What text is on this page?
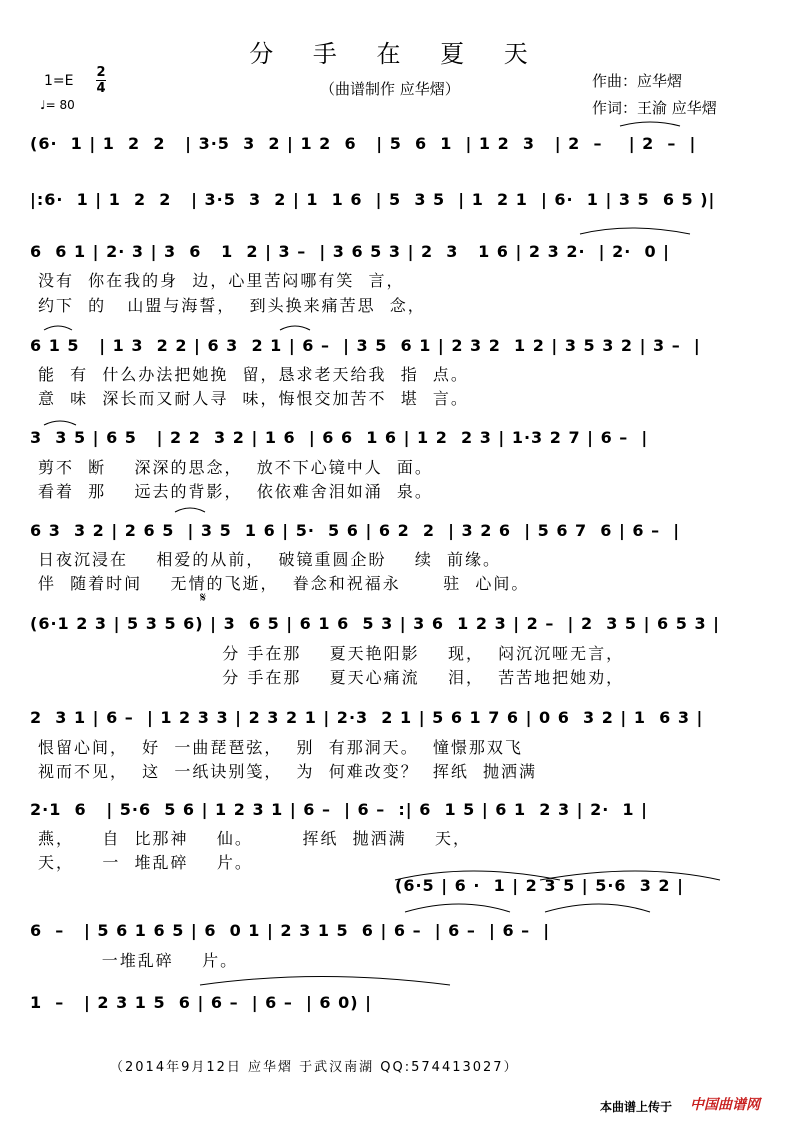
分 手 在 夏 天
（曲谱制作 应华熠）
1=E
2
4
♩= 80
作曲：应华熠
作词：王渝 应华熠
𝄋
(6·  1 | 1  2  2   | 3·5  3  2 | 1 2  6   | 5  6  1  | 1 2  3   | 2  –    | 2  –  |
|:6·  1 | 1  2  2   | 3·5  3  2 | 1  1 6  | 5  3 5  | 1  2 1  | 6·  1 | 3 5  6 5 )|
6  6 1 | 2· 3 | 3  6   1  2 | 3 –  | 3 6 5 3 | 2  3   1 6 | 2 3 2·  | 2·  0 |
没有  你在我的身  边，心里苦闷哪有笑  言，
约下  的   山盟与海誓，  到头换来痛苦思  念，
6 1 5   | 1 3  2 2 | 6 3  2 1 | 6 –  | 3 5  6 1 | 2 3 2  1 2 | 3 5 3 2 | 3 –  |
能  有  什么办法把她挽  留，恳求老天给我  指  点。
意  味  深长而又耐人寻  味，悔恨交加苦不  堪  言。
3  3 5 | 6 5   | 2 2  3 2 | 1 6  | 6 6  1 6 | 1 2  2 3 | 1·3 2 7 | 6 –  |
剪不  断    深深的思念，  放不下心镜中人  面。
看着  那    远去的背影，  依依难舍泪如涌  泉。
6 3  3 2 | 2 6 5  | 3 5  1 6 | 5·  5 6 | 6 2  2  | 3 2 6  | 5 6 7  6 | 6 –  |
日夜沉浸在    相爱的从前，  破镜重圆企盼    续  前缘。
伴  随着时间    无情的飞逝，  眷念和祝福永      驻  心间。
(6·1 2 3 | 5 3 5 6) | 3  6 5 | 6 1 6  5 3 | 3 6  1 2 3 | 2 –  | 2  3 5 | 6 5 3 |
分 手在那    夏天艳阳影    现，  闷沉沉哑无言，
分 手在那    夏天心痛流    泪，  苦苦地把她劝，
2  3 1 | 6 –  | 1 2 3 3 | 2 3 2 1 | 2·3  2 1 | 5 6 1 7 6 | 0 6  3 2 | 1  6 3 |
恨留心间，  好  一曲琵琶弦，  别  有那洞天。  憧憬那双飞
视而不见，  这  一纸诀别笺，  为  何难改变？  挥纸  抛洒满
2·1  6   | 5·6  5 6 | 1 2 3 1 | 6 –  | 6 –  :| 6  1 5 | 6 1  2 3 | 2·  1 |
燕，    自  比那神    仙。       挥纸  抛洒满    天，
天，    一  堆乱碎    片。
(6·5 | 6 ·  1 | 2 3 5 | 5·6  3 2 |
6  –   | 5 6 1 6 5 | 6  0 1 | 2 3 1 5  6 | 6 –  | 6 –  | 6 –  |
一堆乱碎    片。
1  –   | 2 3 1 5  6 | 6 –  | 6 –  | 6 0) |
（2014年9月12日 应华熠 于武汉南湖 QQ:574413027）
本曲谱上传于 中国曲谱网
